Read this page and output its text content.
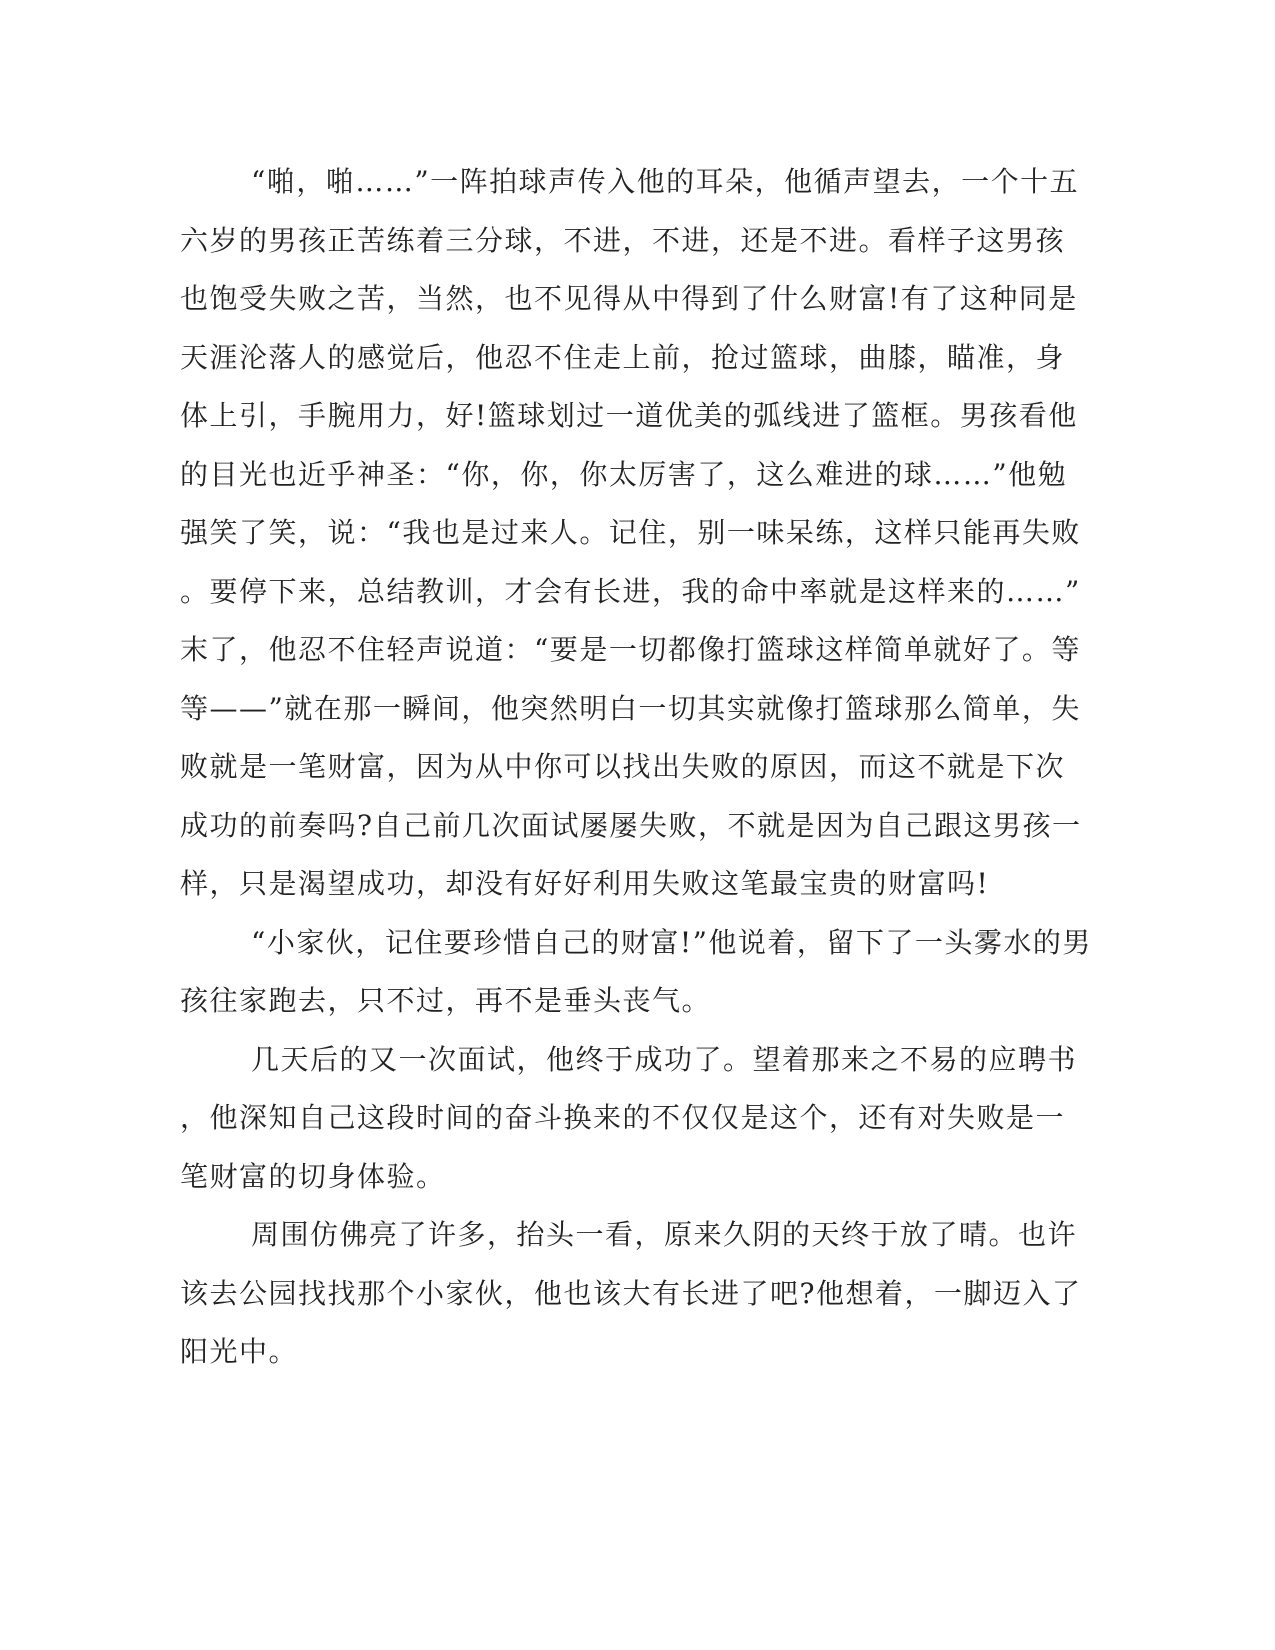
“啪，啪……”一阵拍球声传入他的耳朵，他循声望去，一个十五
六岁的男孩正苦练着三分球，不进，不进，还是不进。看样子这男孩
也饱受失败之苦，当然，也不见得从中得到了什么财富!有了这种同是
天涯沦落人的感觉后，他忍不住走上前，抢过篮球，曲膝，瞄准，身
体上引，手腕用力，好!篮球划过一道优美的弧线进了篮框。男孩看他
的目光也近乎神圣：“你，你，你太厉害了，这么难进的球……”他勉
强笑了笑，说：“我也是过来人。记住，别一味呆练，这样只能再失败
。要停下来，总结教训，才会有长进，我的命中率就是这样来的……”
末了，他忍不住轻声说道：“要是一切都像打篮球这样简单就好了。等
等——”就在那一瞬间，他突然明白一切其实就像打篮球那么简单，失
败就是一笔财富，因为从中你可以找出失败的原因，而这不就是下次
成功的前奏吗?自己前几次面试屡屡失败，不就是因为自己跟这男孩一
样，只是渴望成功，却没有好好利用失败这笔最宝贵的财富吗!
“小家伙，记住要珍惜自己的财富!”他说着，留下了一头雾水的男
孩往家跑去，只不过，再不是垂头丧气。
几天后的又一次面试，他终于成功了。望着那来之不易的应聘书
，他深知自己这段时间的奋斗换来的不仅仅是这个，还有对失败是一
笔财富的切身体验。
周围仿佛亮了许多，抬头一看，原来久阴的天终于放了晴。也许
该去公园找找那个小家伙，他也该大有长进了吧?他想着，一脚迈入了
阳光中。
